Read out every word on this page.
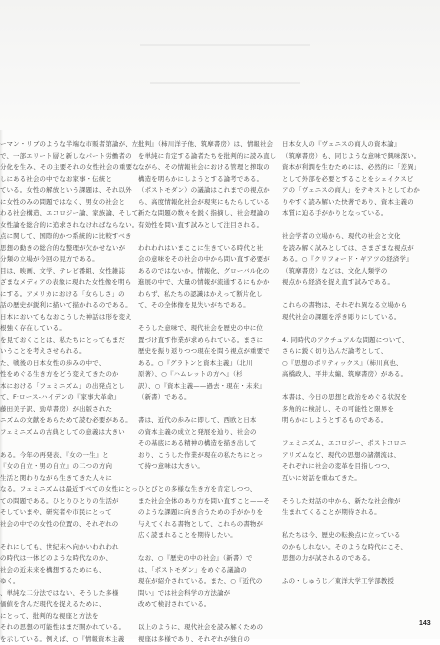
ーマン・リブのような半端な市販者第論が、左
で、一部エリート層と新しなパート労働者の
分化を生み、その主要それの女性社会の重要な
しにある社会の中でなお家事・伝統と
ている。女性の解放という課題は、それ以外
に女性のみの問題ではなく、男女の社会と
わる社会構造、エコロジー論、家族論、そして
女性論を総合的に追求されなければならない。
点に関して、国際的かつ系統的に比較すべき
思想の動きの総合的な整理が欠かせないが
分類の立場が今回の見方である。
目は、映画、文学、テレビ番組、女性雑誌
ざまなメディアの表象に現れた女性像を明ら
にする。アメリカにおける「女らしさ」の
話の歴史が鋭利に描いて描かれるのである。
日本においてもなおこうした神話は形を変え
根強く存在している。
を見ておくことは、私たちにとってもまだ
いうことを考えさせられる。
た、戦後の日本女性の歩みの中で、
性をめぐる生き方をどう変えてきたのか
本における「フェミニズム」の出発点とし
て、F·ロース-ハイデンの『家事大革命』
藤田美子訳、勁草書房）が出版された
ニズムの文献をあらためて読む必要がある。
フェミニズムの古典としての意義は大きい
ある。今年の再発表、『女の一生』と
『女の自立・男の自立』の二つの方向
生活と関わりながら生きてきた人々に
なる。フェミニズムは最近すべての女性にとっ
ての問題である。ひとりひとりの生活が
そしていまや、研究者や市民にとって
社会の中での女性の位置の、それぞれの
それにしても、世紀末へ向かいわれわれ
の時代は一体どのような時代なのか、
社会の近未来を構想するためにも、
ゆく。
、単純な二分法ではない、そうした多様
価値を含んだ現代を捉えるために、
にとって、批判的な視座と方法を
それの思想の可能性はまだ開かれている。
を示している。例えば、○『情報資本主義
批判』（柿川洋子他、筑摩書房）は、情報社会
を単純に肯定する論者たちを批判的に読み直し
ながら、その情報社会における管理と搾取の
構造を明らかにしようとする論考である。
（ポストモダン）の議論はこれまでの視点か
ら、高度情報化社会が現実にもたらしている
新たな問題の数々を鋭く指摘し、社会理論の
有効性を問い直す試みとして注目される。
われわれはいまここに生きている時代と社
会の意味をその社会の中から問い直す必要が
あるのではないか。情報化、グローバル化の
進展の中で、大量の情報が流通するにもかか
わらず、私たちの認識はかえって断片化し
て、その全体像を見失いがちである。
そうした意味で、現代社会を歴史の中に位
置づけ直す作業が求められている。まさに
歴史を振り返りつつ現在を問う視点が重要で
ある。○『グラトンと資本主義』（北川
原著）、○『ハムレットの方へ』（杉
訳）、○『資本主義——過去・現在・未来』
（新書）である。
書は、近代の歩みに即して、西欧と日本
の資本主義の成立と発展を辿り、社会の
その基底にある精神の構造を描き出して
おり、こうした作業が現在の私たちにとっ
て持つ意味は大きい。
ひとびとの多様な生き方を肯定しつつ、
また社会全体のあり方を問い直すこと——そ
のような課題に向き合うための手がかりを
与えてくれる書物として、これらの書物が
広く読まれることを期待したい。
なお、○『歴史の中の社会』（新書）で
は、「ポストモダン」をめぐる議論の
現在が紹介されている。また、○『近代の
問い』では社会科学の方法論が
改めて検討されている。
以上のように、現代社会を読み解くための
視座は多様であり、それぞれが独自の
日本女人の『ヴェニスの商人の資本論』
（筑摩書房）も、同じような意味で興味深い。
資本が利潤を生むためには、必然的に「差異」
として外部を必要とすることをシェイクスピ
アの「ヴェニスの商人」をテキストとしてわか
りやすく読み解いた快著であり、資本主義の
本質に迫る手がかりとなっている。
社会学者の立場から、現代の社会と文化
を読み解く試みとしては、さまざまな視点が
ある。○『クリフォード・ギアツの経済学』
（筑摩書房）などは、文化人類学の
視点から経済を捉え直す試みである。
これらの書物は、それぞれ異なる立場から
現代社会の課題を浮き彫りにしている。
4. 同時代のアクチュアルな問題について、
さらに鋭く切り込んだ論考として、
○『思想のポリティックス』（柿川真也、
高橋政人、平井太編、筑摩書房）がある。
本書は、今日の思想と政治をめぐる状況を
多角的に検討し、その可能性と限界を
明らかにしようとするものである。
フェミニズム、エコロジー、ポストコロニ
アリズムなど、現代の思想の諸潮流は、
それぞれに社会の変革を目指しつつ、
互いに対話を重ねてきた。
そうした対話の中から、新たな社会像が
生まれてくることが期待される。
私たちは今、歴史の転換点に立っている
のかもしれない。そのような時代にこそ、
思想の力が試されるのである。
ふの・しゅうじ／東洋大学工学部教授
143
